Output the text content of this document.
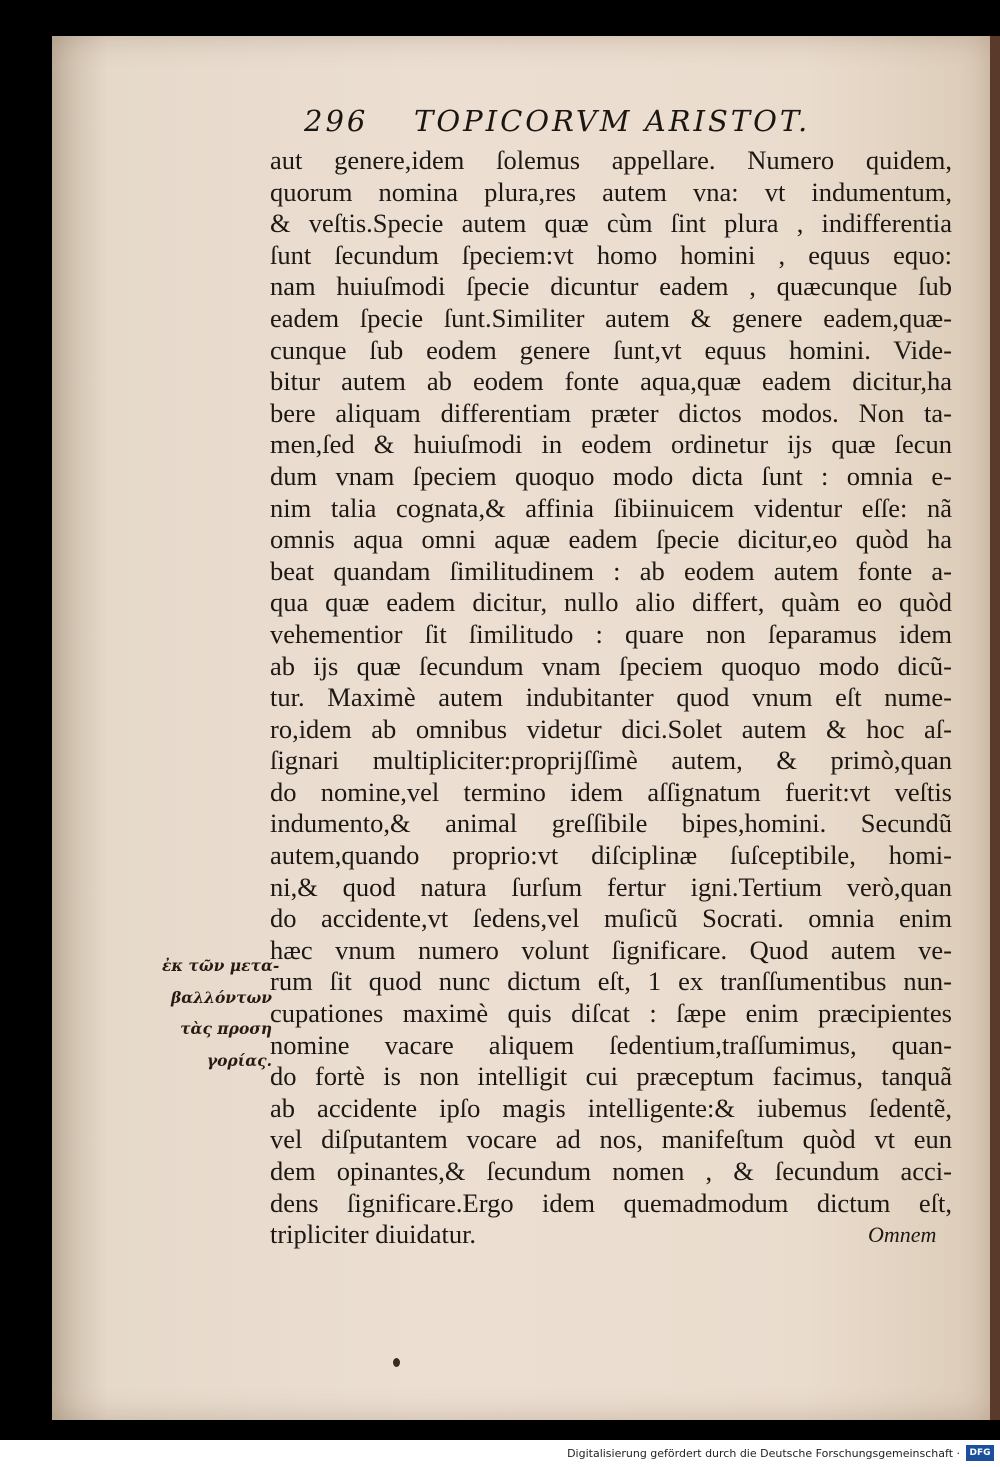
296 TOPICORVM ARISTOT.
aut genere,idem ſolemus appellare. Numero quidem,
quorum nomina plura,res autem vna: vt indumentum,
& veſtis.Specie autem quæ cùm ſint plura , indifferentia
ſunt ſecundum ſpeciem:vt homo homini , equus equo:
nam huiuſmodi ſpecie dicuntur eadem , quæcunque ſub
eadem ſpecie ſunt.Similiter autem & genere eadem,quæ-
cunque ſub eodem genere ſunt,vt equus homini. Vide-
bitur autem ab eodem fonte aqua,quæ eadem dicitur,ha
bere aliquam differentiam præter dictos modos. Non ta-
men,ſed & huiuſmodi in eodem ordinetur ijs quæ ſecun
dum vnam ſpeciem quoquo modo dicta ſunt : omnia e-
nim talia cognata,& affinia ſibiinuicem videntur eſſe: nã
omnis aqua omni aquæ eadem ſpecie dicitur,eo quòd ha
beat quandam ſimilitudinem : ab eodem autem fonte a-
qua quæ eadem dicitur, nullo alio differt, quàm eo quòd
vehementior ſit ſimilitudo : quare non ſeparamus idem
ab ijs quæ ſecundum vnam ſpeciem quoquo modo dicũ-
tur. Maximè autem indubitanter quod vnum eſt nume-
ro,idem ab omnibus videtur dici.Solet autem & hoc aſ-
ſignari multipliciter:proprijſſimè autem, & primò,quan
do nomine,vel termino idem aſſignatum fuerit:vt veſtis
indumento,& animal greſſibile bipes,homini. Secundũ
autem,quando proprio:vt diſciplinæ ſuſceptibile, homi-
ni,& quod natura ſurſum fertur igni.Tertium verò,quan
do accidente,vt ſedens,vel muſicũ Socrati. omnia enim
hæc vnum numero volunt ſignificare. Quod autem ve-
rum ſit quod nunc dictum eſt, 1 ex tranſſumentibus nun-
cupationes maximè quis diſcat : ſæpe enim præcipientes
nomine vacare aliquem ſedentium,traſſumimus, quan-
do fortè is non intelligit cui præceptum facimus, tanquã
ab accidente ipſo magis intelligente:& iubemus ſedentẽ,
vel diſputantem vocare ad nos, manifeſtum quòd vt eun
dem opinantes,& ſecundum nomen , & ſecundum acci-
dens ſignificare.Ergo idem quemadmodum dictum eſt,
tripliciter diuidatur.
ἐκ τῶν μετα-
βαλλόντων
τὰς προση
γορίας.
Omnem
Digitalisierung gefördert durch die Deutsche Forschungsgemeinschaft ·	DFG
